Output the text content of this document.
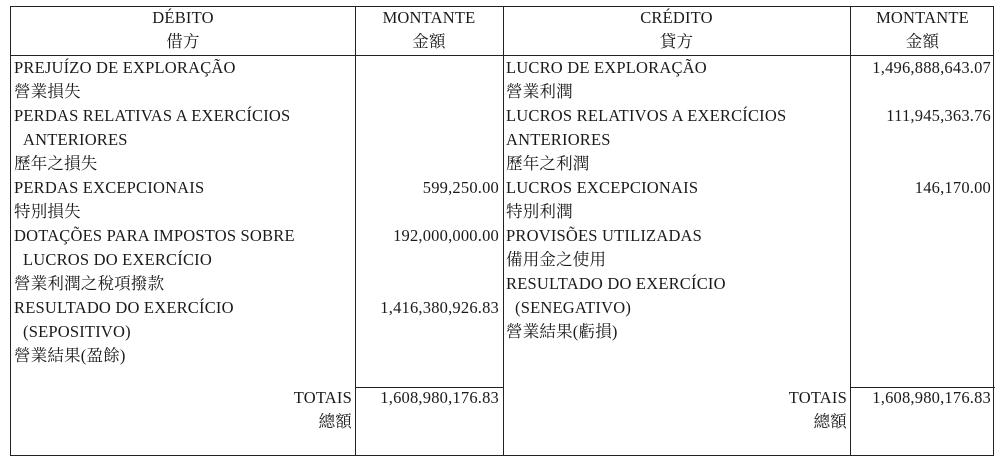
DÉBITO
借方
MONTANTE
金額
CRÉDITO
貸方
MONTANTE
金額
PREJUÍZO DE EXPLORAÇÃO
營業損失
PERDAS RELATIVAS A EXERCÍCIOS
ANTERIORES
歷年之損失
PERDAS EXCEPCIONAIS
特別損失
DOTAÇÕES PARA IMPOSTOS SOBRE
LUCROS DO EXERCÍCIO
營業利潤之稅項撥款
RESULTADO DO EXERCÍCIO
(SEPOSITIVO)
營業結果(盈餘)
599,250.00
192,000,000.00
1,416,380,926.83
LUCRO DE EXPLORAÇÃO
營業利潤
LUCROS RELATIVOS A EXERCÍCIOS
ANTERIORES
歷年之利潤
LUCROS EXCEPCIONAIS
特別利潤
PROVISÕES UTILIZADAS
備用金之使用
RESULTADO DO EXERCÍCIO
(SENEGATIVO)
營業結果(虧損)
1,496,888,643.07
111,945,363.76
146,170.00
TOTAIS
總額
1,608,980,176.83	TOTAIS
總額
1,608,980,176.83
